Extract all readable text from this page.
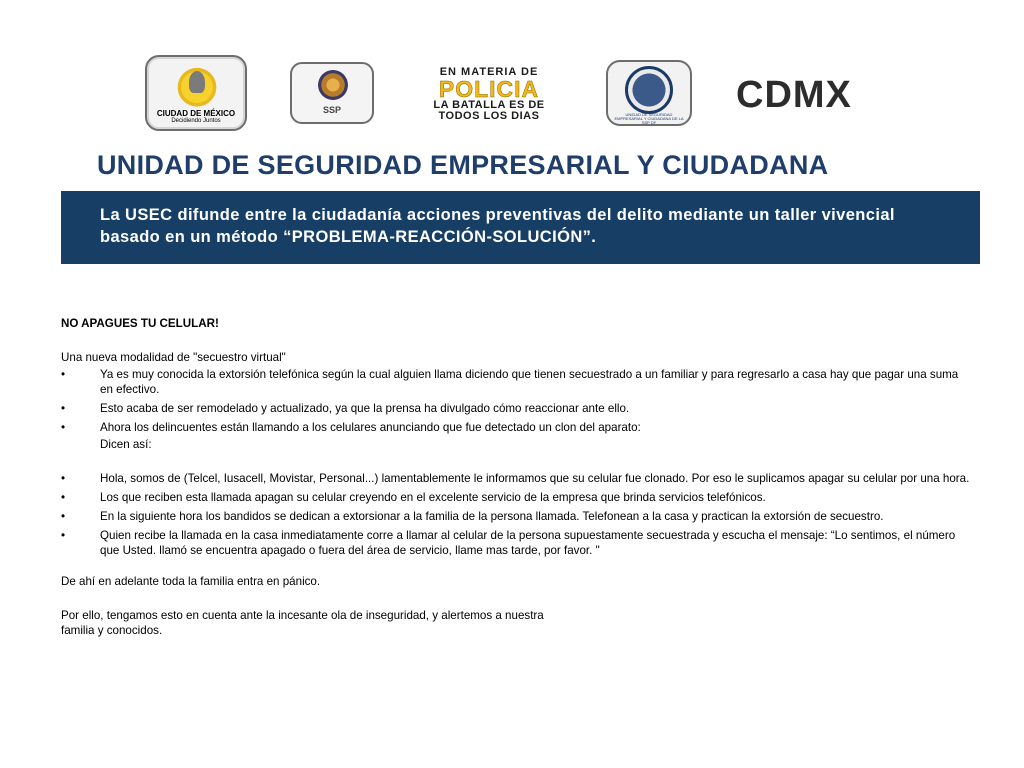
CIUDAD DE MÉXICO
Decidiendo Juntos
SSP
EN MATERIA DE
POLICIA
LA BATALLA ES DE
TODOS LOS DIAS	UNIDAD DE SEGURIDAD EMPRESARIAL Y CIUDADANA DE LA SSP DF
CDMX
UNIDAD DE SEGURIDAD EMPRESARIAL Y CIUDADANA
La USEC difunde entre la ciudadanía acciones preventivas del delito mediante un taller vivencial basado en un método “PROBLEMA-REACCIÓN-SOLUCIÓN”.
NO APAGUES TU CELULAR!
Una nueva modalidad de "secuestro virtual"
•	Ya es muy conocida la extorsión telefónica según la cual alguien llama diciendo que tienen secuestrado a un familiar y para regresarlo a casa hay que pagar una suma en efectivo.
•	Esto acaba de ser remodelado y actualizado, ya que la prensa ha divulgado cómo reaccionar ante ello.
•	Ahora los delincuentes están llamando a los celulares anunciando que fue detectado un clon del aparato:
Dicen así:
•	Hola, somos de (Telcel, Iusacell, Movistar, Personal...) lamentablemente le informamos que su celular fue clonado. Por eso le suplicamos apagar su celular por una hora.
•	Los que reciben esta llamada apagan su celular creyendo en el excelente servicio de la empresa que brinda servicios telefónicos.
•	En la siguiente hora los bandidos se dedican a extorsionar a la familia de la persona llamada. Telefonean a la casa y practican la extorsión de secuestro.
•	Quien recibe la llamada en la casa inmediatamente corre a llamar al celular de la persona supuestamente secuestrada y escucha el mensaje: “Lo sentimos, el número que Usted. llamó se encuentra apagado o fuera del área de servicio, llame mas tarde, por favor. "
De ahí en adelante toda la familia entra en pánico.
Por ello, tengamos esto en cuenta ante la incesante ola de inseguridad, y alertemos a nuestra
familia y conocidos.
